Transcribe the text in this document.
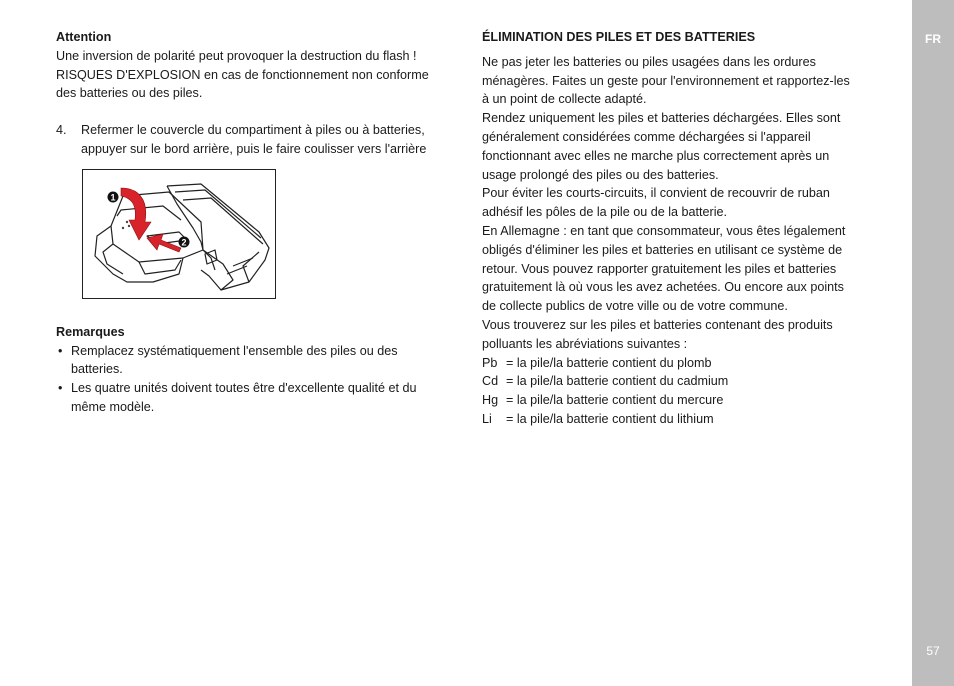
Attention

Une inversion de polarité peut provoquer la destruction du flash !

RISQUES D'EXPLOSION en cas de fonctionnement non conforme

des batteries ou des piles.

4. Refermer le couvercle du compartiment à piles ou à batteries,

appuyer sur le bord arrière, puis le faire coulisser vers l'arrière

1
2

Remarques

• Remplacez systématiquement l'ensemble des piles ou des

batteries.

• Les quatre unités doivent toutes être d'excellente qualité et du

même modèle.

ÉLIMINATION DES PILES ET DES BATTERIES

Ne pas jeter les batteries ou piles usagées dans les ordures

ménagères. Faites un geste pour l'environnement et rapportez-les

à un point de collecte adapté.

Rendez uniquement les piles et batteries déchargées. Elles sont

généralement considérées comme déchargées si l'appareil

fonctionnant avec elles ne marche plus correctement après un

usage prolongé des piles ou des batteries.

Pour éviter les courts-circuits, il convient de recouvrir de ruban

adhésif les pôles de la pile ou de la batterie.

En Allemagne : en tant que consommateur, vous êtes légalement

obligés d'éliminer les piles et batteries en utilisant ce système de

retour. Vous pouvez rapporter gratuitement les piles et batteries

gratuitement là où vous les avez achetées. Ou encore aux points

de collecte publics de votre ville ou de votre commune.

Vous trouverez sur les piles et batteries contenant des produits

polluants les abréviations suivantes :

Pb = la pile/la batterie contient du plomb
Cd = la pile/la batterie contient du cadmium
Hg = la pile/la batterie contient du mercure
Li	= la pile/la batterie contient du lithium
FR
57
